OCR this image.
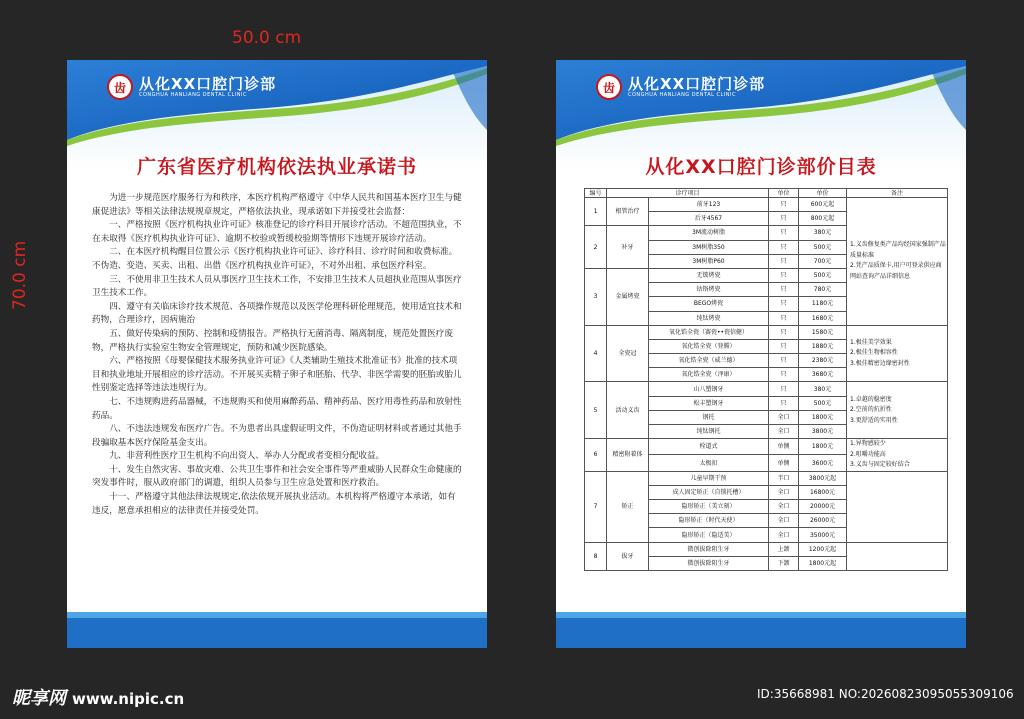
50.0 cm
70.0 cm
齿 从化XX口腔门诊部
CONGHUA HANLIANG DENTAL CLINIC
广东省医疗机构依法执业承诺书

为进一步规范医疗服务行为和秩序，本医疗机构严格遵守《中华人民共和国基本医疗卫生与健康促进法》等相关法律法规规章规定，严格依法执业，现承诺如下并接受社会监督：

一、严格按照《医疗机构执业许可证》核准登记的诊疗科目开展诊疗活动。不超范围执业，不在未取得《医疗机构执业许可证》、逾期不校验或暂缓校验期等情形下违规开展诊疗活动。

二、在本医疗机构醒目位置公示《医疗机构执业许可证》、诊疗科目、诊疗时间和收费标准。不伪造、变造、买卖、出租、出借《医疗机构执业许可证》，不对外出租、承包医疗科室。

三、不使用非卫生技术人员从事医疗卫生技术工作，不安排卫生技术人员超执业范围从事医疗卫生技术工作。

四、遵守有关临床诊疗技术规范、各项操作规范以及医学伦理科研伦理规范，使用适宜技术和药物，合理诊疗，因病施治

五、做好传染病的预防、控制和疫情报告。严格执行无菌消毒、隔离制度，规范处置医疗废物，严格执行实验室生物安全管理规定，预防和减少医院感染。

六、严格按照《母婴保健技术服务执业许可证》《人类辅助生殖技术批准证书》批准的技术项目和执业地址开展相应的诊疗活动。不开展买卖精子卵子和胚胎、代孕、非医学需要的胚胎或胎儿性别鉴定选择等违法违规行为。

七、不违规购进药品器械，不违规购买和使用麻醉药品、精神药品、医疗用毒性药品和放射性药品。

八、不违法违规发布医疗广告。不为患者出具虚假证明文件，不伪造证明材料或者通过其他手段骗取基本医疗保险基金支出。

九、非营利性医疗卫生机构不向出资人、举办人分配或者变相分配收益。

十、发生自然灾害、事故灾难、公共卫生事件和社会安全事件等严重威胁人民群众生命健康的突发事件时，服从政府部门的调遣，组织人员参与卫生应急处置和医疗救治。

十一、严格遵守其他法律法规规定,依法依规开展执业活动。本机构将严格遵守本承诺，如有违反，愿意承担相应的法律责任并接受处罚。

齿 从化XX口腔门诊部
CONGHUA HANLIANG DENTAL CLINIC
从化XX口腔门诊部价目表
编号	诊疗项目		单位	单价	备注
1	根管治疗	前牙123	只	600元起	1.义齿修复类产品均经国家强制产品质量标准
2.凭产品质保卡,用户可登录供应商网站查询产品详细信息

		后牙4567	只	800元起	
2	补牙	3M流动树脂	只	380元	
		3M树脂350	只	500元	
		3M树脂P60	只	700元	
3	金属烤瓷	无铍烤瓷	只	500元	
		钴铬烤瓷	只	780元	
		BEGO烤瓷	只	1180元	
		纯钛烤瓷	只	1680元	
4	全瓷冠	氧化锆全瓷（赛瓷••瓷信健）	只	1580元	1.极佳美学效果
2.极佳生物相容性
3.极佳精密边缘密封性

		氧化锆全瓷（登腾）	只	1880元	
		氧化锆全瓷（威兰德）	只	2380元	
		氧化锆全瓷（泽康）	只	3680元	
5	活动义齿	山八塑钢牙	只	380元	1.卓越的稳密度
2.空前的抗折性
3.更舒适的实用性

		松丰塑钢牙	只	500元	
		钢托	全口	1800元	
		纯钛钢托	全口	3800元	
6	精密附着体	栓道式	单侧	1800元	1.异物感较少
2.咀嚼功能高
3.义齿与固定较好结合

		太极扣	单侧	3600元	
7	矫正	儿童早期干预	半口	3800元起	
		成人固定矫正（自锁托槽）	全口	16800元	
		隐形矫正（美立刻）	全口	20000元	
		隐形矫正（时代天使）	全口	26000元	
		隐形矫正（隐适美）	全口	35000元	
8	拔牙	微创拔除阻生牙	上颌	1200元起	
		微创拔除阻生牙	下颌	1800元起	
昵享网 www.nipic.cn	ID:35668981 NO:20260823095055309106
